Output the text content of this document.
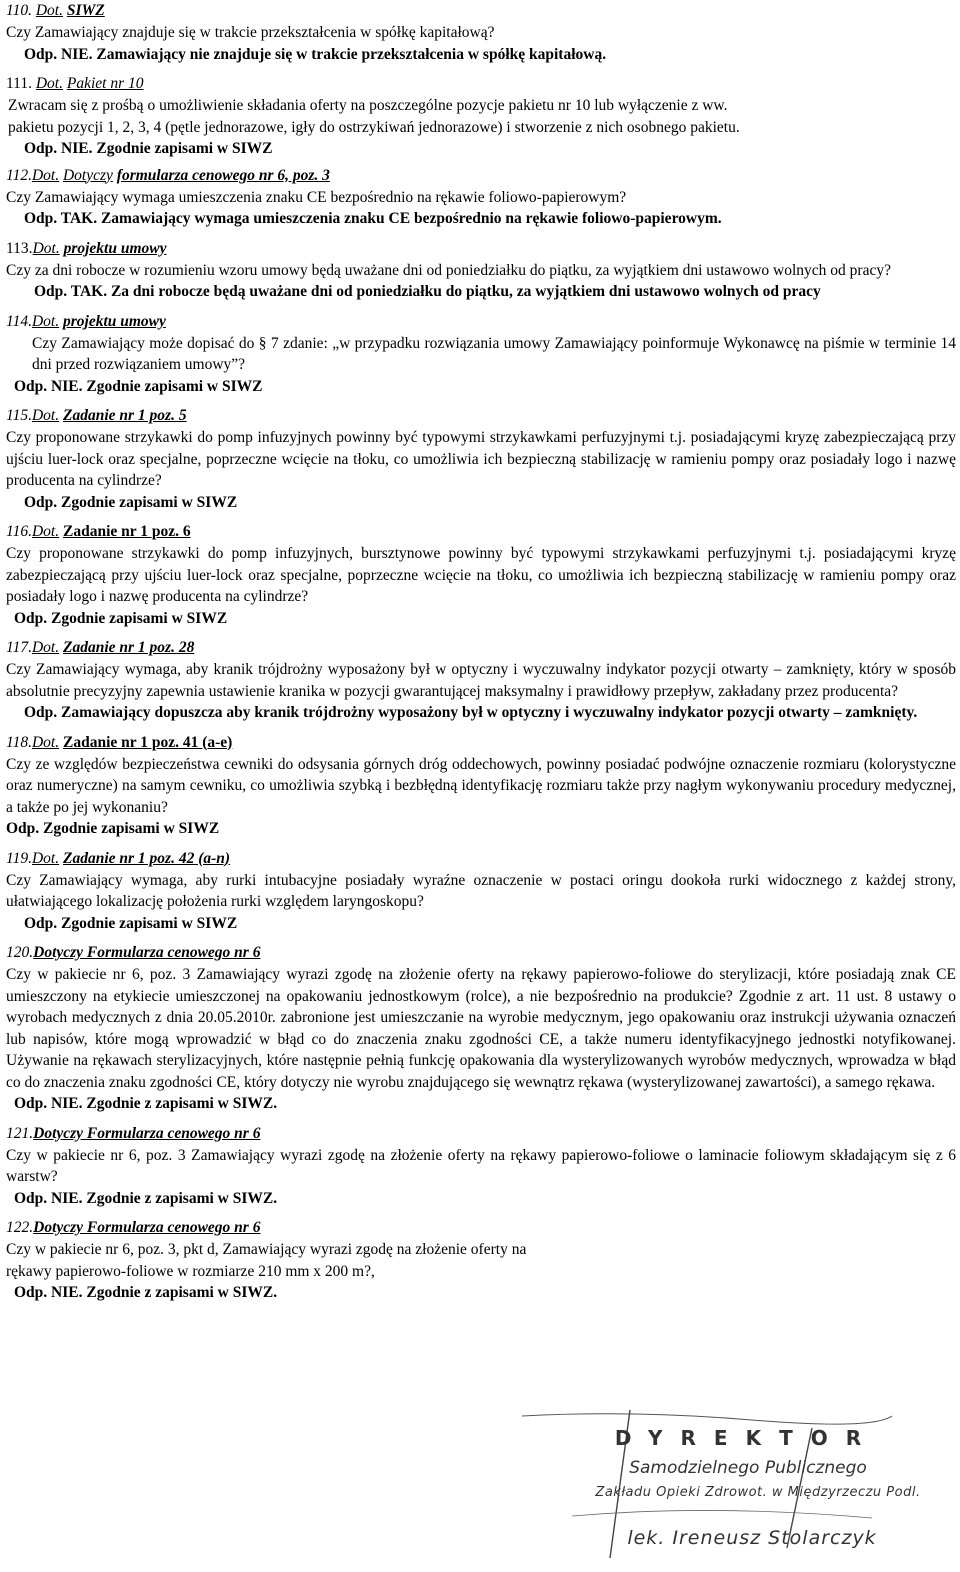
110. Dot. SIWZ

Czy Zamawiający znajduje się w trakcie przekształcenia w spółkę kapitałową?

Odp. NIE. Zamawiający nie znajduje się w trakcie przekształcenia w spółkę kapitałową.

111. Dot. Pakiet nr 10

Zwracam się z prośbą o umożliwienie składania oferty na poszczególne pozycje pakietu nr 10 lub wyłączenie z ww.

pakietu pozycji 1, 2, 3, 4 (pętle jednorazowe, igły do ostrzykiwań jednorazowe) i stworzenie z nich osobnego pakietu.

Odp. NIE. Zgodnie zapisami w SIWZ

112.Dot. Dotyczy formularza cenowego nr 6, poz. 3

Czy Zamawiający wymaga umieszczenia znaku CE bezpośrednio na rękawie foliowo-papierowym?

Odp. TAK. Zamawiający wymaga umieszczenia znaku CE bezpośrednio na rękawie foliowo-papierowym.

113.Dot. projektu umowy

Czy za dni robocze w rozumieniu wzoru umowy będą uważane dni od poniedziałku do piątku, za wyjątkiem dni ustawowo wolnych od pracy?

Odp. TAK. Za dni robocze będą uważane dni od poniedziałku do piątku, za wyjątkiem dni ustawowo wolnych od pracy

114.Dot. projektu umowy

Czy Zamawiający może dopisać do § 7 zdanie: „w przypadku rozwiązania umowy Zamawiający poinformuje Wykonawcę na piśmie w terminie 14 dni przed rozwiązaniem umowy”?

Odp. NIE. Zgodnie zapisami w SIWZ

115.Dot. Zadanie nr 1 poz. 5

Czy proponowane strzykawki do pomp infuzyjnych powinny być typowymi strzykawkami perfuzyjnymi t.j. posiadającymi kryzę zabezpieczającą przy ujściu luer-lock oraz specjalne, poprzeczne wcięcie na tłoku, co umożliwia ich bezpieczną stabilizację w ramieniu pompy oraz posiadały logo i nazwę producenta na cylindrze?

Odp. Zgodnie zapisami w SIWZ

116.Dot. Zadanie nr 1 poz. 6

Czy proponowane strzykawki do pomp infuzyjnych, bursztynowe powinny być typowymi strzykawkami perfuzyjnymi t.j. posiadającymi kryzę zabezpieczającą przy ujściu luer-lock oraz specjalne, poprzeczne wcięcie na tłoku, co umożliwia ich bezpieczną stabilizację w ramieniu pompy oraz posiadały logo i nazwę producenta na cylindrze?

Odp. Zgodnie zapisami w SIWZ

117.Dot. Zadanie nr 1 poz. 28

Czy Zamawiający wymaga, aby kranik trójdrożny wyposażony był w optyczny i wyczuwalny indykator pozycji otwarty – zamknięty, który w sposób absolutnie precyzyjny zapewnia ustawienie kranika w pozycji gwarantującej maksymalny i prawidłowy przepływ, zakładany przez producenta?

Odp. Zamawiający dopuszcza aby kranik trójdrożny wyposażony był w optyczny i wyczuwalny indykator pozycji otwarty – zamknięty.

118.Dot. Zadanie nr 1 poz. 41 (a-e)

Czy ze względów bezpieczeństwa cewniki do odsysania górnych dróg oddechowych, powinny posiadać podwójne oznaczenie rozmiaru (kolorystyczne oraz numeryczne) na samym cewniku, co umożliwia szybką i bezbłędną identyfikację rozmiaru także przy nagłym wykonywaniu procedury medycznej, a także po jej wykonaniu?

Odp. Zgodnie zapisami w SIWZ

119.Dot. Zadanie nr 1 poz. 42 (a-n)

Czy Zamawiający wymaga, aby rurki intubacyjne posiadały wyraźne oznaczenie w postaci oringu dookoła rurki widocznego z każdej strony, ułatwiającego lokalizację położenia rurki względem laryngoskopu?

Odp. Zgodnie zapisami w SIWZ

120.Dotyczy Formularza cenowego nr 6

Czy w pakiecie nr 6, poz. 3 Zamawiający wyrazi zgodę na złożenie oferty na rękawy papierowo-foliowe do sterylizacji, które posiadają znak CE umieszczony na etykiecie umieszczonej na opakowaniu jednostkowym (rolce), a nie bezpośrednio na produkcie? Zgodnie z art. 11 ust. 8 ustawy o wyrobach medycznych z dnia 20.05.2010r. zabronione jest umieszczanie na wyrobie medycznym, jego opakowaniu oraz instrukcji używania oznaczeń lub napisów, które mogą wprowadzić w błąd co do znaczenia znaku zgodności CE, a także numeru identyfikacyjnego jednostki notyfikowanej. Używanie na rękawach sterylizacyjnych, które następnie pełnią funkcję opakowania dla wysterylizowanych wyrobów medycznych, wprowadza w błąd co do znaczenia znaku zgodności CE, który dotyczy nie wyrobu znajdującego się wewnątrz rękawa (wysterylizowanej zawartości), a samego rękawa.

Odp. NIE. Zgodnie z zapisami w SIWZ.

121.Dotyczy Formularza cenowego nr 6

Czy w pakiecie nr 6, poz. 3 Zamawiający wyrazi zgodę na złożenie oferty na rękawy papierowo-foliowe o laminacie foliowym składającym się z 6 warstw?

Odp. NIE. Zgodnie z zapisami w SIWZ.

122.Dotyczy Formularza cenowego nr 6

Czy w pakiecie nr 6, poz. 3, pkt d, Zamawiający wyrazi zgodę na złożenie oferty na rękawy papierowo-foliowe w rozmiarze 210 mm x 200 m?,

Odp. NIE. Zgodnie z zapisami w SIWZ.

DYREKTOR
Samodzielnego Publicznego
Zakładu Opieki Zdrowot. w Międzyrzeczu Podl.
lek. Ireneusz Stolarczyk
